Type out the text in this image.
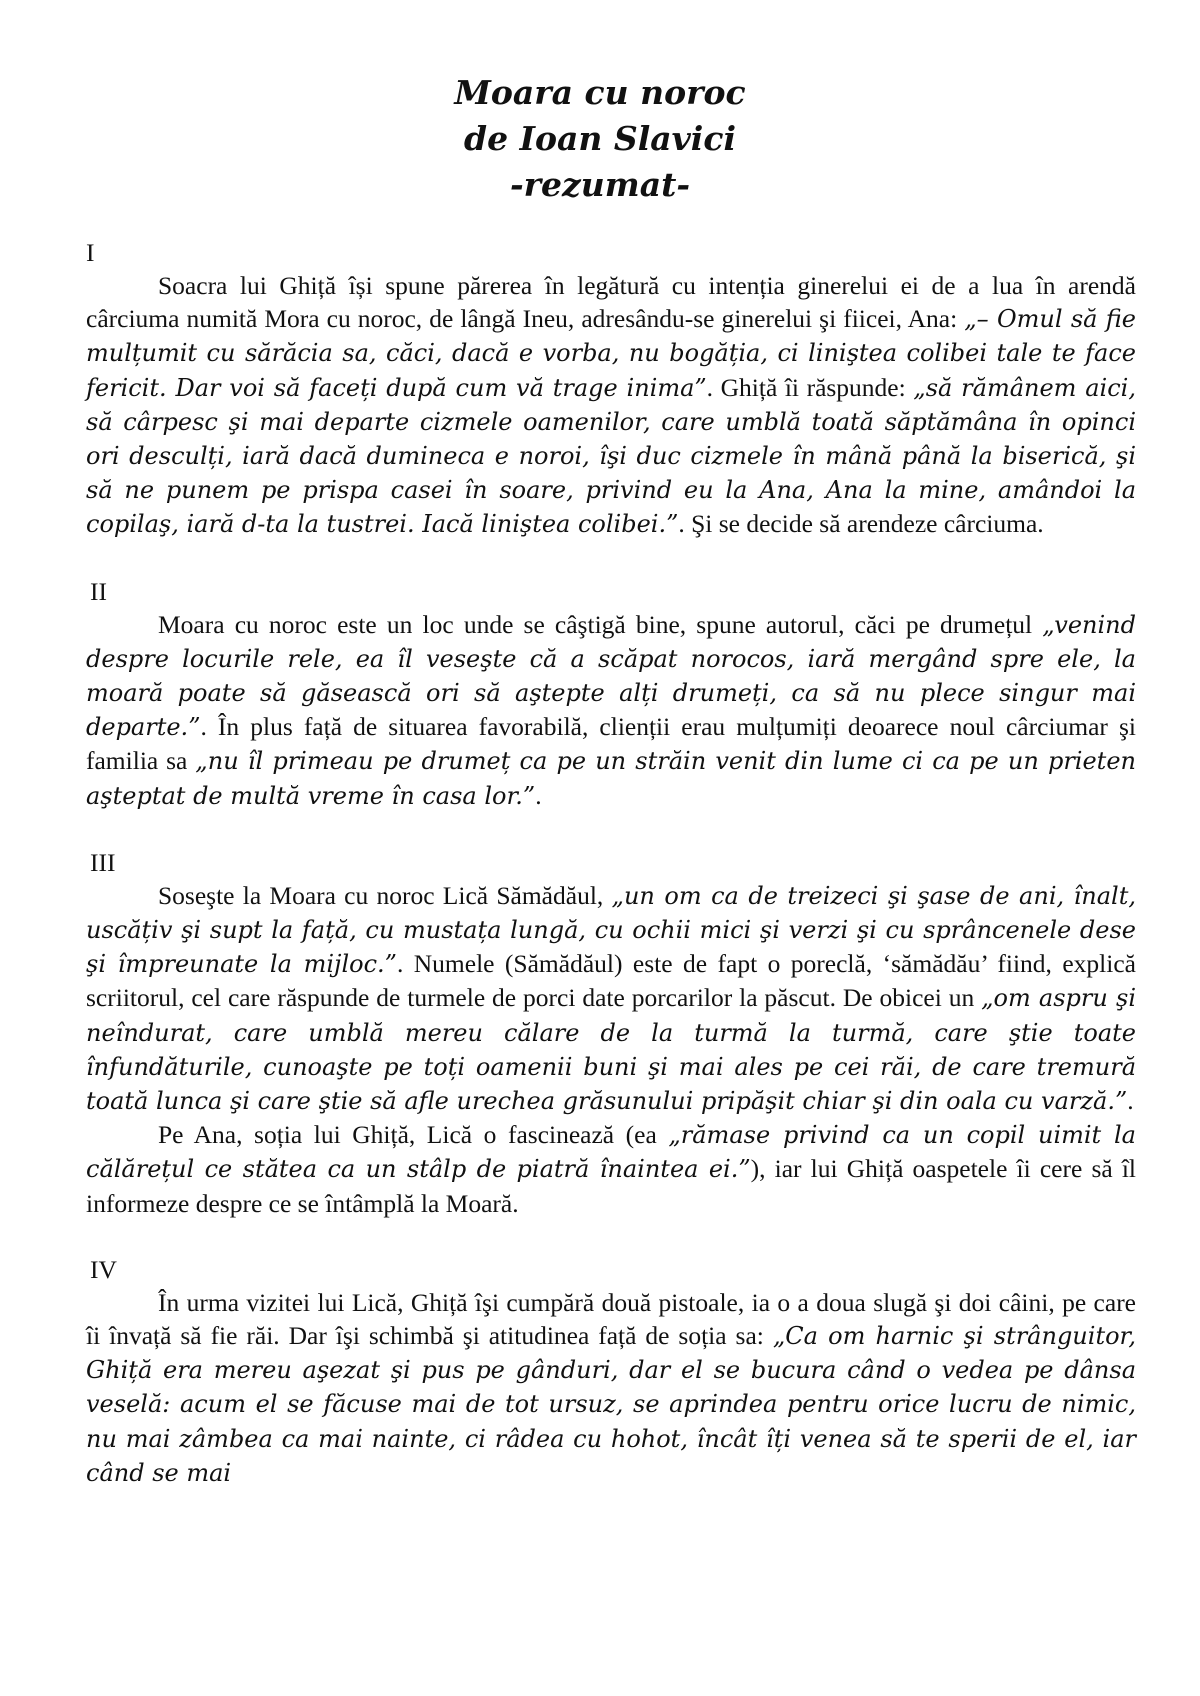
Moara cu noroc
de Ioan Slavici
-rezumat-
I

Soacra lui Ghiță își spune părerea în legătură cu intenția ginerelui ei de a lua în arendă cârciuma numită Mora cu noroc, de lângă Ineu, adresându-se ginerelui şi fiicei, Ana: „– Omul să fie mulțumit cu sărăcia sa, căci, dacă e vorba, nu bogăția, ci liniştea colibei tale te face fericit. Dar voi să faceți după cum vă trage inima”. Ghiță îi răspunde: „să rămânem aici, să cârpesc şi mai departe cizmele oamenilor, care umblă toată săptămâna în opinci ori desculți, iară dacă dumineca e noroi, îşi duc cizmele în mână până la biserică, şi să ne punem pe prispa casei în soare, privind eu la Ana, Ana la mine, amândoi la copilaş, iară d-ta la tustrei. Iacă liniştea colibei.”. Şi se decide să arendeze cârciuma.

II

Moara cu noroc este un loc unde se câştigă bine, spune autorul, căci pe drumețul „venind despre locurile rele, ea îl veseşte că a scăpat norocos, iară mergând spre ele, la moară poate să găsească ori să aştepte alți drumeți, ca să nu plece singur mai departe.”. În plus față de situarea favorabilă, clienții erau mulțumiți deoarece noul cârciumar şi familia sa „nu îl primeau pe drumeț ca pe un străin venit din lume ci ca pe un prieten aşteptat de multă vreme în casa lor.”.

III

Soseşte la Moara cu noroc Lică Sămădăul, „un om ca de treizeci şi şase de ani, înalt, uscățiv şi supt la față, cu mustața lungă, cu ochii mici şi verzi şi cu sprâncenele dese şi împreunate la mijloc.”. Numele (Sămădăul) este de fapt o poreclă, ‘sămădău’ fiind, explică scriitorul, cel care răspunde de turmele de porci date porcarilor la păscut. De obicei un „om aspru şi neîndurat, care umblă mereu călare de la turmă la turmă, care ştie toate înfundăturile, cunoaşte pe toți oamenii buni şi mai ales pe cei răi, de care tremură toată lunca şi care ştie să afle urechea grăsunului pripăşit chiar şi din oala cu varză.”.

Pe Ana, soția lui Ghiță, Lică o fascinează (ea „rămase privind ca un copil uimit la călărețul ce stătea ca un stâlp de piatră înaintea ei.”), iar lui Ghiță oaspetele îi cere să îl informeze despre ce se întâmplă la Moară.

IV

În urma vizitei lui Lică, Ghiță îşi cumpără două pistoale, ia o a doua slugă şi doi câini, pe care îi învață să fie răi. Dar îşi schimbă şi atitudinea față de soția sa: „Ca om harnic şi strânguitor, Ghiță era mereu aşezat şi pus pe gânduri, dar el se bucura când o vedea pe dânsa veselă: acum el se făcuse mai de tot ursuz, se aprindea pentru orice lucru de nimic, nu mai zâmbea ca mai nainte, ci râdea cu hohot, încât îți venea să te sperii de el, iar când se mai
